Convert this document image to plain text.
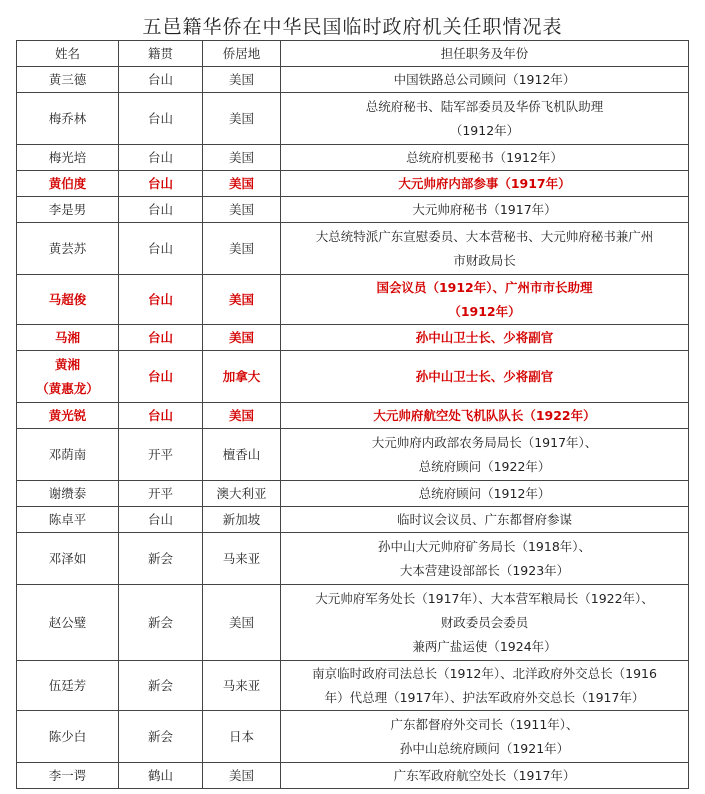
五邑籍华侨在中华民国临时政府机关任职情况表
姓名	籍贯	侨居地	担任职务及年份

黄三德	台山	美国	中国铁路总公司顾问（1912年）

梅乔林	台山	美国	总统府秘书、陆军部委员及华侨飞机队助理
（1912年）

梅光培	台山	美国	总统府机要秘书（1912年）

黄伯度	台山	美国	大元帅府内部参事（1917年）

李是男	台山	美国	大元帅府秘书（1917年）

黄芸苏	台山	美国	大总统特派广东宣慰委员、大本营秘书、大元帅府秘书兼广州
市财政局长

马超俊	台山	美国	国会议员（1912年）、广州市市长助理
（1912年）

马湘	台山	美国	孙中山卫士长、少将副官

黄湘
（黄惠龙）	台山	加拿大	孙中山卫士长、少将副官

黄光锐	台山	美国	大元帅府航空处飞机队队长（1922年）

邓荫南	开平	檀香山	大元帅府内政部农务局局长（1917年）、
总统府顾问（1922年）

谢缵泰	开平	澳大利亚	总统府顾问（1912年）

陈卓平	台山	新加坡	临时议会议员、广东都督府参谋

邓泽如	新会	马来亚	孙中山大元帅府矿务局长（1918年）、
大本营建设部部长（1923年）

赵公璧	新会	美国	大元帅府军务处长（1917年）、大本营军粮局长（1922年）、
财政委员会委员
兼两广盐运使（1924年）

伍廷芳	新会	马来亚	南京临时政府司法总长（1912年）、北洋政府外交总长（1916
年）代总理（1917年）、护法军政府外交总长（1917年）

陈少白	新会	日本	广东都督府外交司长（1911年）、
孙中山总统府顾问（1921年）

李一谔	鹤山	美国	广东军政府航空处长（1917年）
